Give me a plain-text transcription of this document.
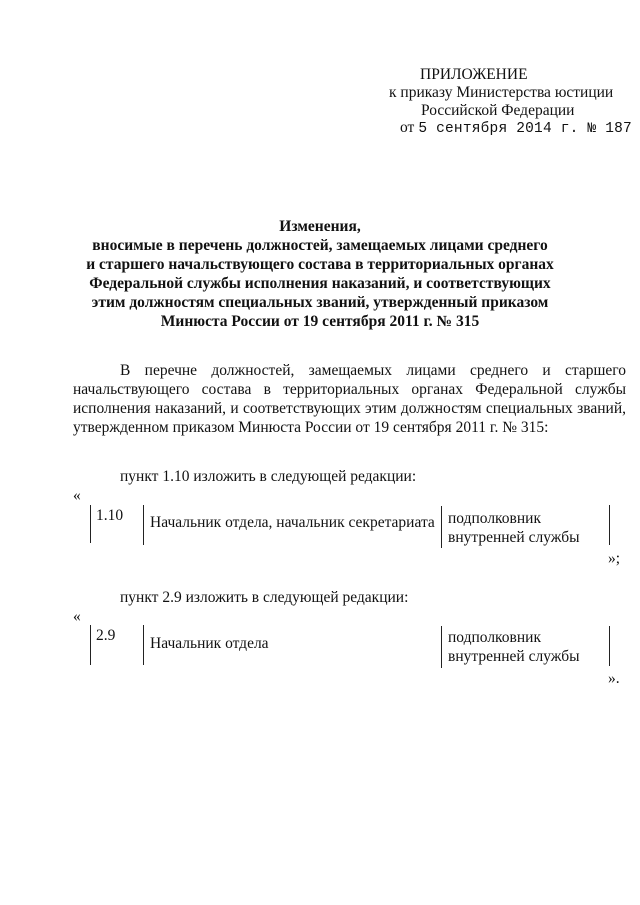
ПРИЛОЖЕНИЕ
к приказу Министерства юстиции
Российской Федерации
от 5 сентября 2014 г. № 187
Изменения,
вносимые в перечень должностей, замещаемых лицами среднего
и старшего начальствующего состава в территориальных органах
Федеральной службы исполнения наказаний, и соответствующих
этим должностям специальных званий, утвержденный приказом
Минюста России от 19 сентября 2011 г. № 315
В перечне должностей, замещаемых лицами среднего и старшего
начальствующего состава в территориальных органах Федеральной службы
исполнения наказаний, и соответствующих этим должностям специальных званий,
утвержденном приказом Минюста России от 19 сентября 2011 г. № 315:
пункт 1.10 изложить в следующей редакции:
«
1.10 Начальник отдела, начальник секретариата подполковник
внутренней службы
»;
пункт 2.9 изложить в следующей редакции:
«
2.9 Начальник отдела	подполковник
внутренней службы
».
